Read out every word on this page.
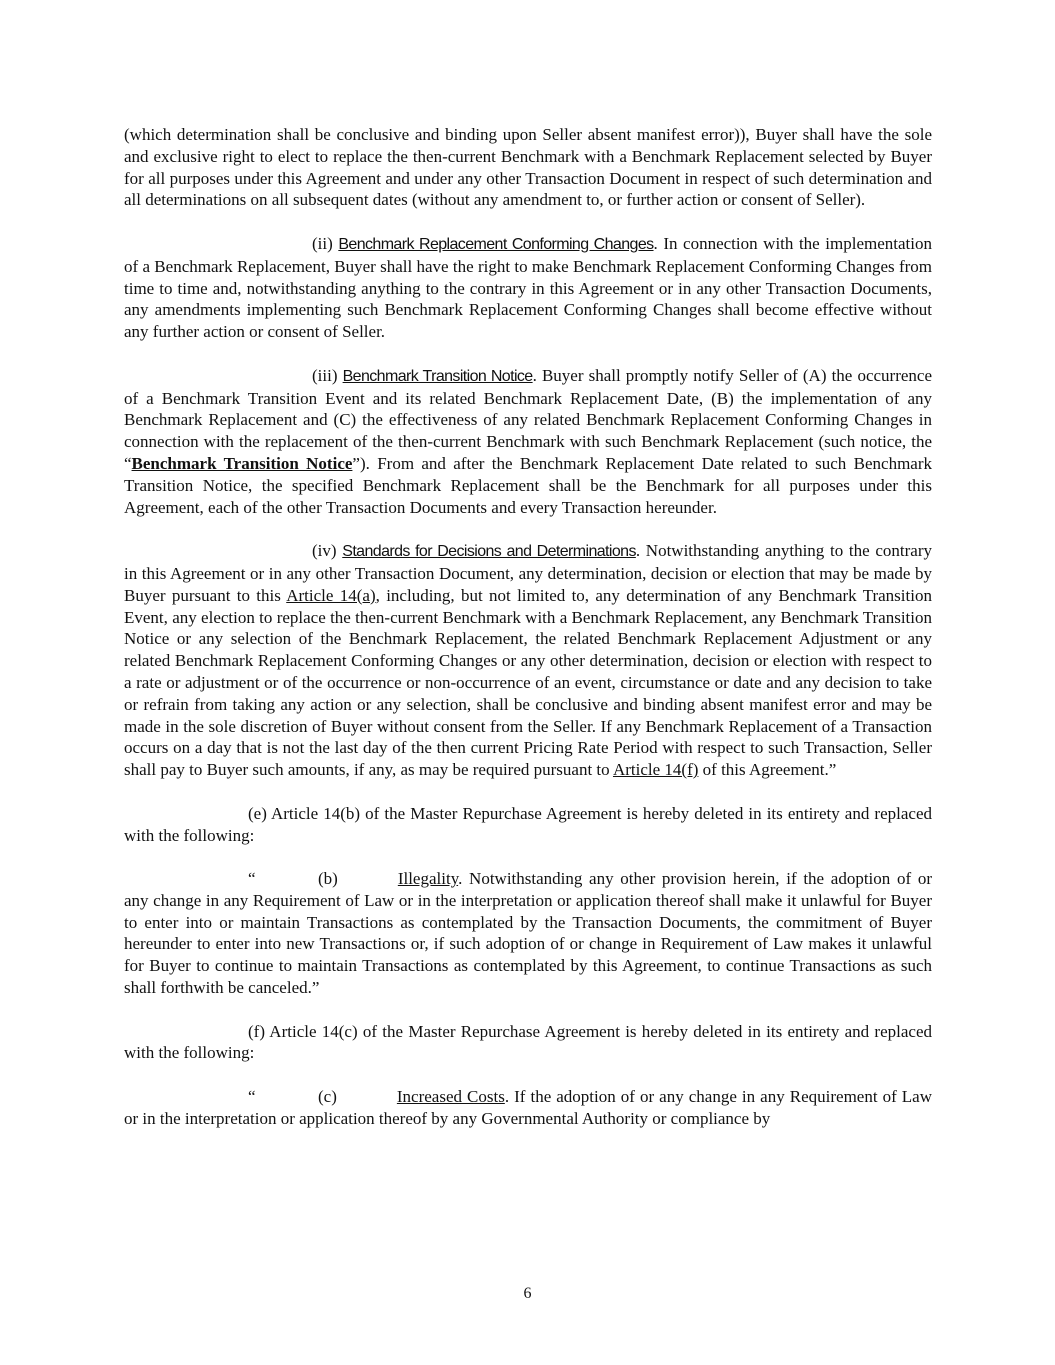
(which determination shall be conclusive and binding upon Seller absent manifest error)), Buyer shall have the sole and exclusive right to elect to replace the then-current Benchmark with a Benchmark Replacement selected by Buyer for all purposes under this Agreement and under any other Transaction Document in respect of such determination and all determinations on all subsequent dates (without any amendment to, or further action or consent of Seller).

(ii) Benchmark Replacement Conforming Changes. In connection with the implementation of a Benchmark Replacement, Buyer shall have the right to make Benchmark Replacement Conforming Changes from time to time and, notwithstanding anything to the contrary in this Agreement or in any other Transaction Documents, any amendments implementing such Benchmark Replacement Conforming Changes shall become effective without any further action or consent of Seller.

(iii) Benchmark Transition Notice. Buyer shall promptly notify Seller of (A) the occurrence of a Benchmark Transition Event and its related Benchmark Replacement Date, (B) the implementation of any Benchmark Replacement and (C) the effectiveness of any related Benchmark Replacement Conforming Changes in connection with the replacement of the then-current Benchmark with such Benchmark Replacement (such notice, the “Benchmark Transition Notice”). From and after the Benchmark Replacement Date related to such Benchmark Transition Notice, the specified Benchmark Replacement shall be the Benchmark for all purposes under this Agreement, each of the other Transaction Documents and every Transaction hereunder.

(iv) Standards for Decisions and Determinations. Notwithstanding anything to the contrary in this Agreement or in any other Transaction Document, any determination, decision or election that may be made by Buyer pursuant to this Article 14(a), including, but not limited to, any determination of any Benchmark Transition Event, any election to replace the then-current Benchmark with a Benchmark Replacement, any Benchmark Transition Notice or any selection of the Benchmark Replacement, the related Benchmark Replacement Adjustment or any related Benchmark Replacement Conforming Changes or any other determination, decision or election with respect to a rate or adjustment or of the occurrence or non-occurrence of an event, circumstance or date and any decision to take or refrain from taking any action or any selection, shall be conclusive and binding absent manifest error and may be made in the sole discretion of Buyer without consent from the Seller. If any Benchmark Replacement of a Transaction occurs on a day that is not the last day of the then current Pricing Rate Period with respect to such Transaction, Seller shall pay to Buyer such amounts, if any, as may be required pursuant to Article 14(f) of this Agreement.”

(e) Article 14(b) of the Master Repurchase Agreement is hereby deleted in its entirety and replaced with the following:

“	(b)	Illegality. Notwithstanding any other provision herein, if the adoption of or any change in any Requirement of Law or in the interpretation or application thereof shall make it unlawful for Buyer to enter into or maintain Transactions as contemplated by the Transaction Documents, the commitment of Buyer hereunder to enter into new Transactions or, if such adoption of or change in Requirement of Law makes it unlawful for Buyer to continue to maintain Transactions as contemplated by this Agreement, to continue Transactions as such shall forthwith be canceled.”

(f) Article 14(c) of the Master Repurchase Agreement is hereby deleted in its entirety and replaced with the following:

“	(c)	Increased Costs. If the adoption of or any change in any Requirement of Law or in the interpretation or application thereof by any Governmental Authority or compliance by

6
